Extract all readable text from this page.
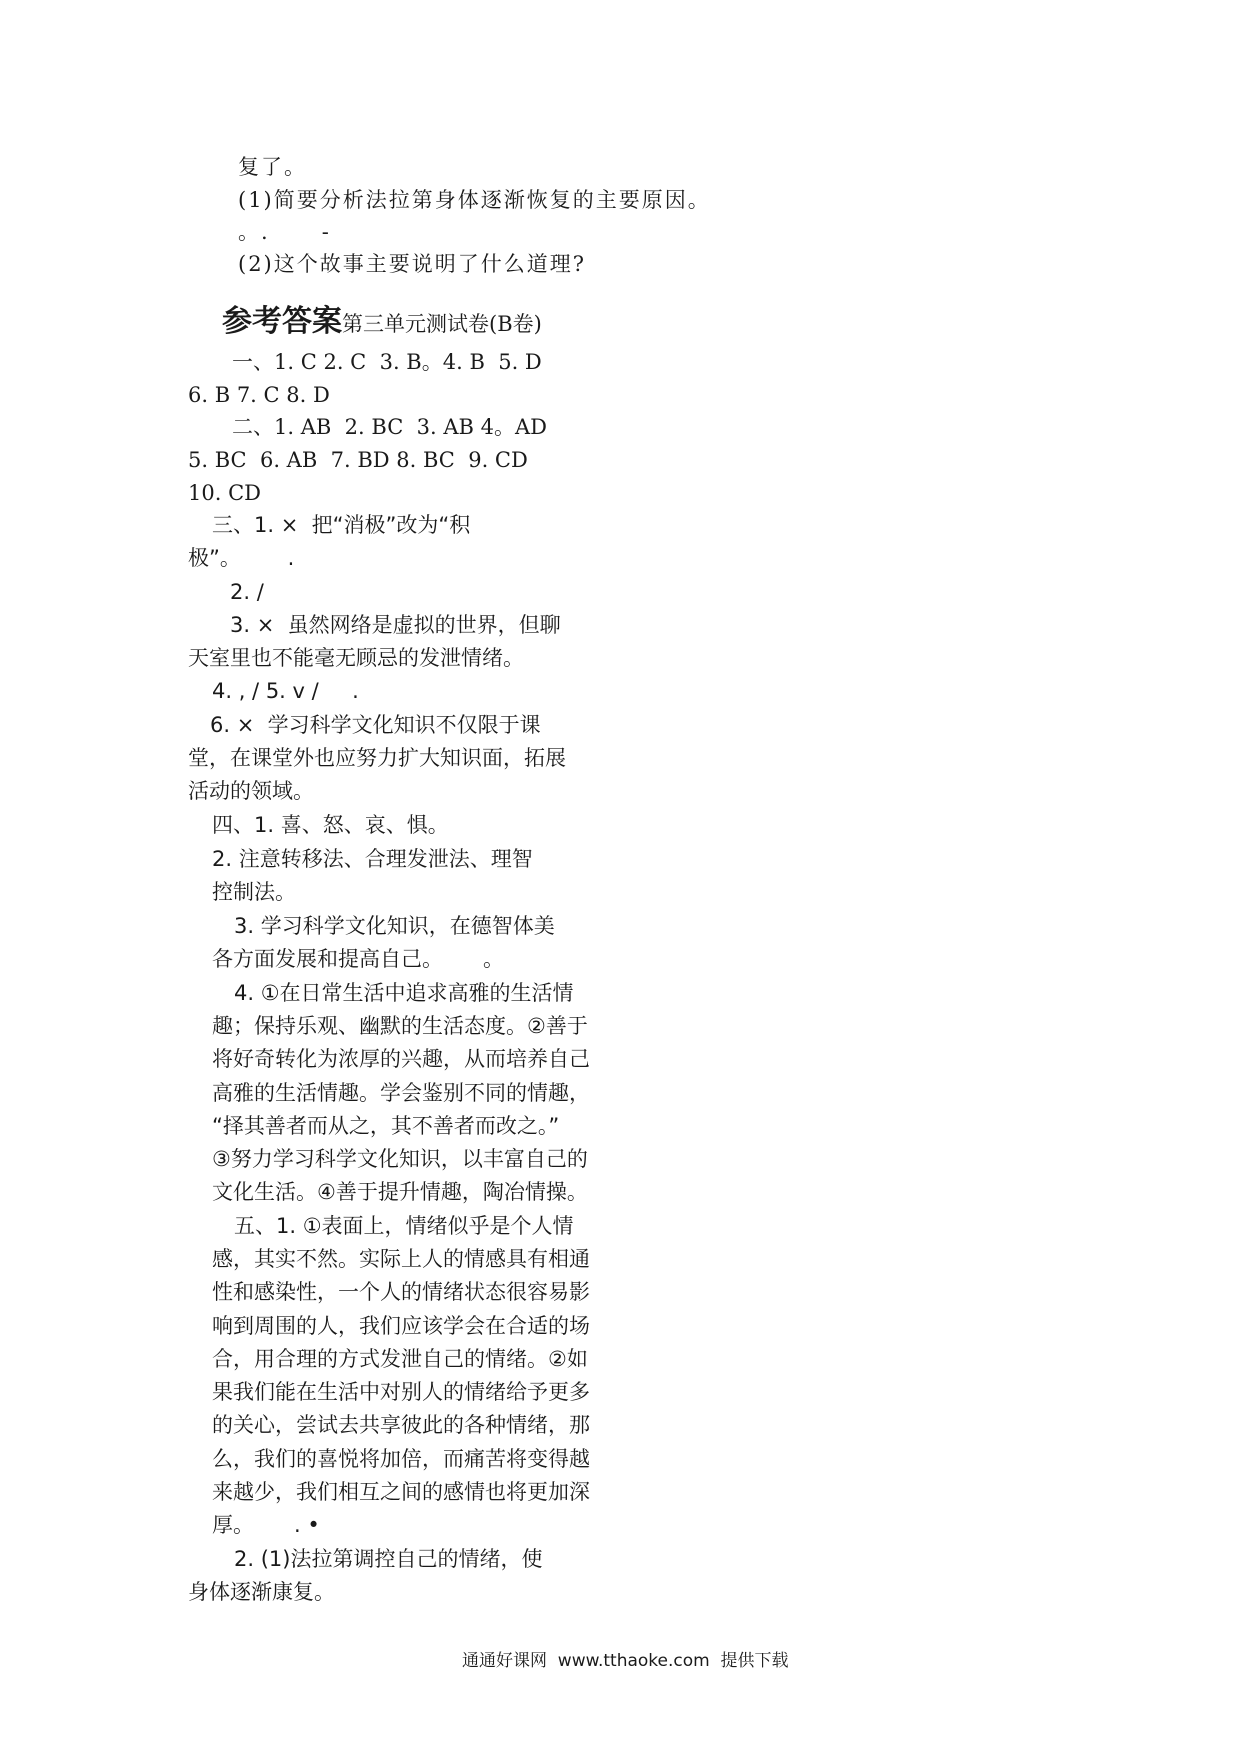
复了。
(1)简要分析法拉第身体逐渐恢复的主要原因。
。.      -
(2)这个故事主要说明了什么道理?
参考答案第三单元测试卷(B卷)
一、1. C 2. C  3. B。4. B  5. D
6. B 7. C 8. D
二、1. AB  2. BC  3. AB 4。AD
5. BC  6. AB  7. BD 8. BC  9. CD
10. CD
三、1. ×  把“消极”改为“积
极”。       .
2. /
3. ×  虽然网络是虚拟的世界，但聊
天室里也不能毫无顾忌的发泄情绪。
4. , / 5. v /     .
6. ×  学习科学文化知识不仅限于课
堂，在课堂外也应努力扩大知识面，拓展
活动的领域。
四、1. 喜、怒、哀、惧。
2. 注意转移法、合理发泄法、理智
控制法。
3. 学习科学文化知识，在德智体美
各方面发展和提高自己。      。
4. ①在日常生活中追求高雅的生活情
趣；保持乐观、幽默的生活态度。②善于
将好奇转化为浓厚的兴趣，从而培养自己
高雅的生活情趣。学会鉴别不同的情趣，
“择其善者而从之，其不善者而改之。”
③努力学习科学文化知识，以丰富自己的
文化生活。④善于提升情趣，陶冶情操。
五、1. ①表面上，情绪似乎是个人情
感，其实不然。实际上人的情感具有相通
性和感染性，一个人的情绪状态很容易影
响到周围的人，我们应该学会在合适的场
合，用合理的方式发泄自己的情绪。②如
果我们能在生活中对别人的情绪给予更多
的关心，尝试去共享彼此的各种情绪，那
么，我们的喜悦将加倍，而痛苦将变得越
来越少，我们相互之间的感情也将更加深
厚。      . •
2. (1)法拉第调控自己的情绪，使
身体逐渐康复。
通通好课网  www.tthaoke.com  提供下载
